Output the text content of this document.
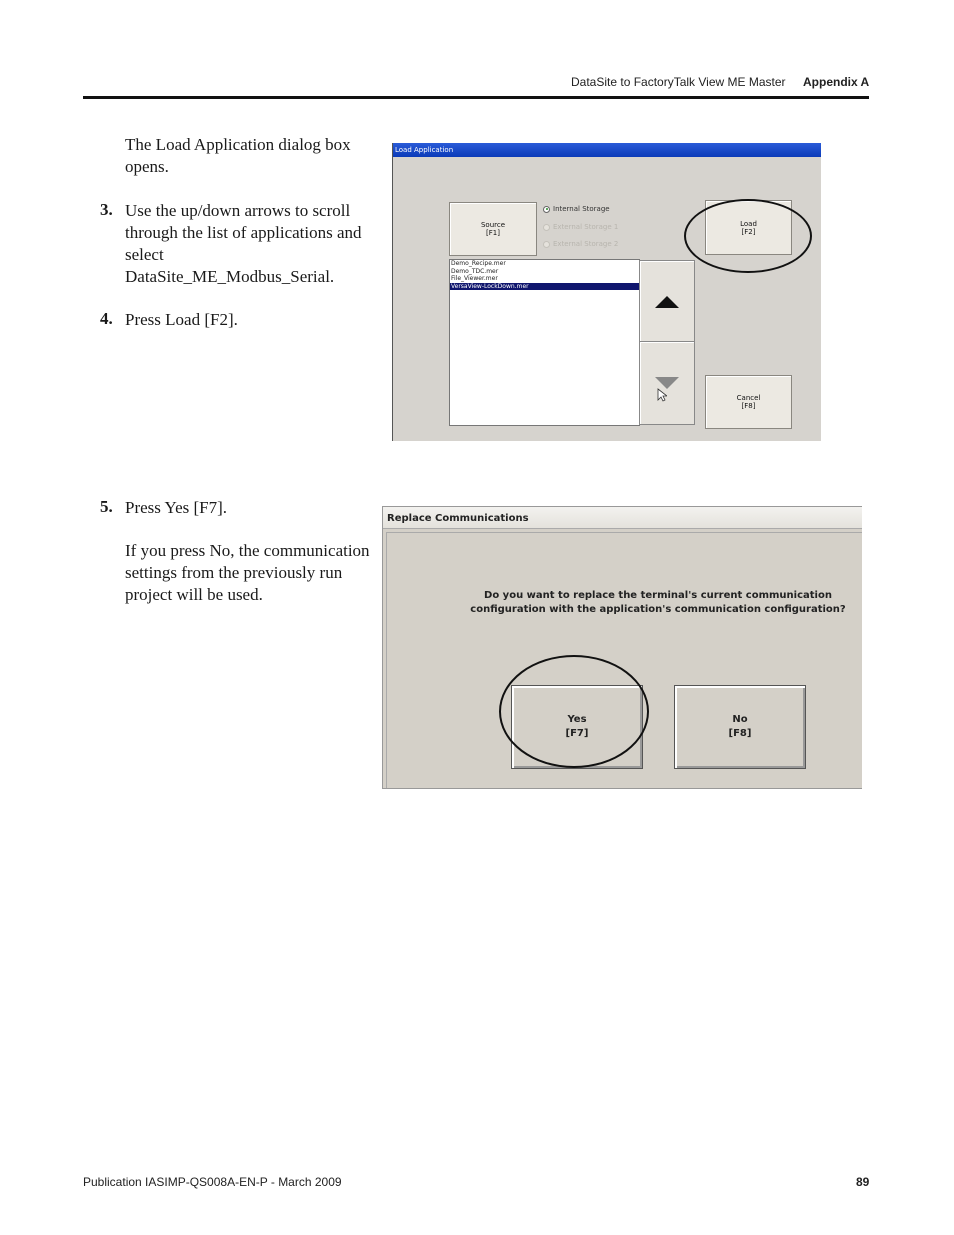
DataSite to FactoryTalk View ME Master Appendix A
The Load Application dialog box opens.
3. Use the up/down arrows to scroll through the list of applications and select DataSite_ME_Modbus_Serial.
4. Press Load [F2].
5. Press Yes [F7].
If you press No, the communication settings from the previously run project will be used.
Load Application
Source
[F1]
Internal Storage
External Storage 1
External Storage 2
Load
[F2]
Demo_Recipe.mer
Demo_TDC.mer
File_Viewer.mer
VersaView-LockDown.mer
Cancel
[F8]
Replace Communications
Do you want to replace the terminal's current communication
configuration with the application's communication configuration?
Yes
[F7]
No
[F8]
Publication IASIMP-QS008A-EN-P - March 2009	89
